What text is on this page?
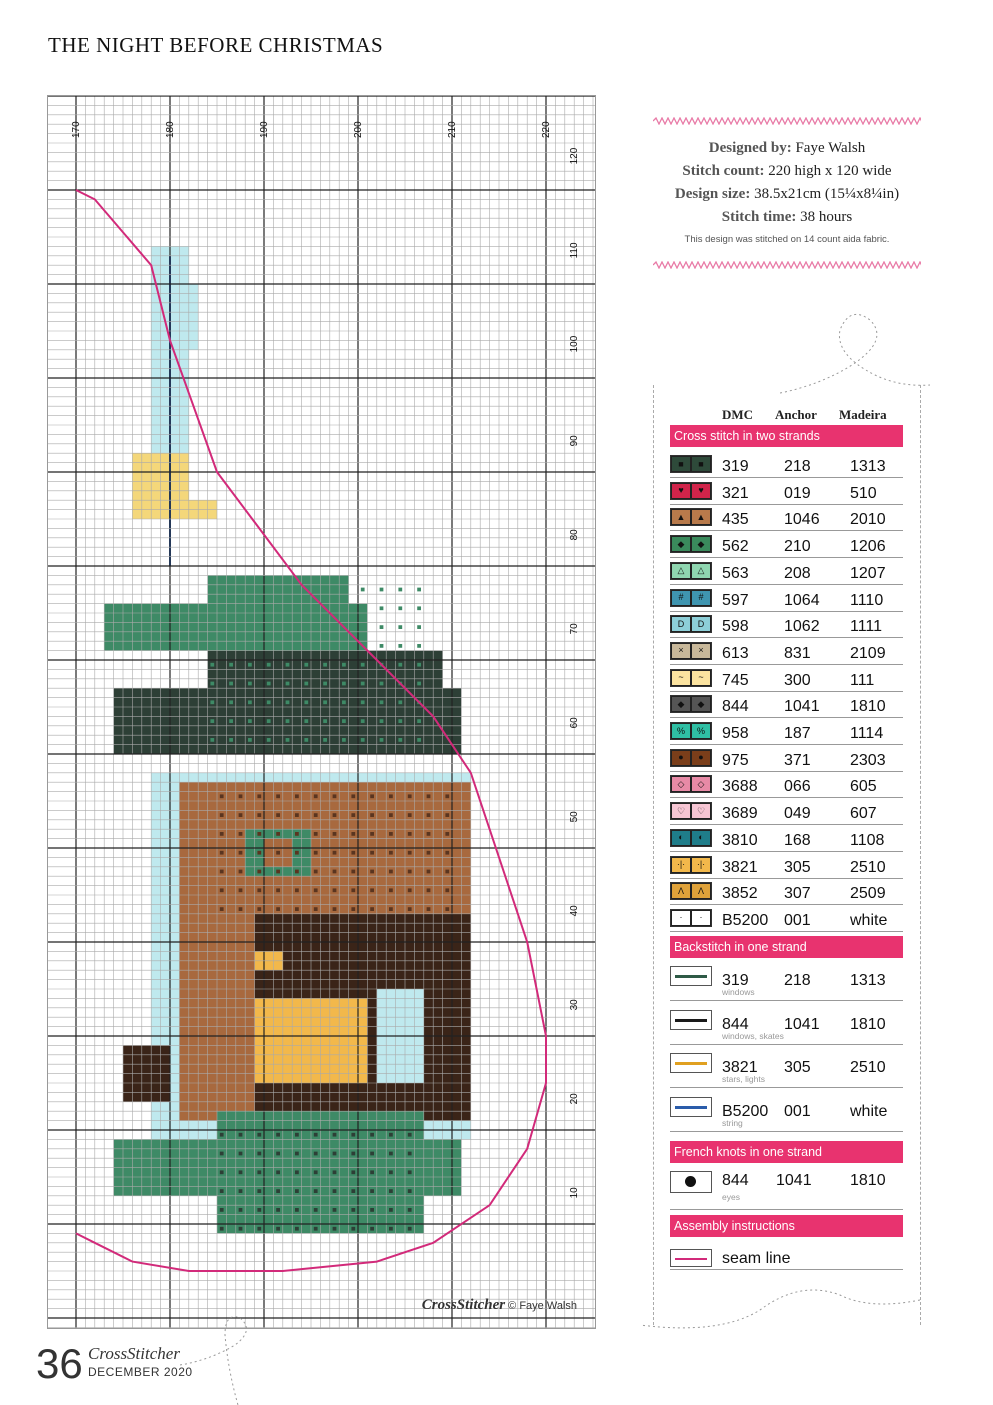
THE NIGHT BEFORE CHRISTMAS
170	180	190	200	210	220
120
110
100
90
80
70
60
50
40
30
20
10
CrossStitcher © Faye Walsh
Designed by: Faye Walsh
Stitch count: 220 high x 120 wide
Design size: 38.5x21cm (15¼x8¼in)
Stitch time: 38 hours
This design was stitched on 14 count aida fabric.
DMC Anchor Madeira
Cross stitch in two strands
■	■	319 218 1313
♥	♥	321 019 510
▲	▲	435 1046 2010
◆	◆	562 210 1206
△	△	563 208 1207
#	#	597 1064 1110
D	D	598 1062 1111
×	×	613 831 2109
~	~	745 300 111
◆	◆	844 1041 1810
%	%	958 187 1114
●	●	975 371 2303
◇	◇	3688 066 605
♡	♡	3689 049 607
◐	◐	3810 168 1108
·|·	·|·	3821 305 2510
Λ	Λ	3852 307 2509
·	·	B5200 001 white
Backstitch in one strand
319 218 1313
windows
844 1041 1810
windows, skates
3821 305 2510
stars, lights
B5200 001 white
string
French knots in one strand
844 1041 1810
eyes
Assembly instructions
seam line
36 CrossStitcher
DECEMBER 2020
